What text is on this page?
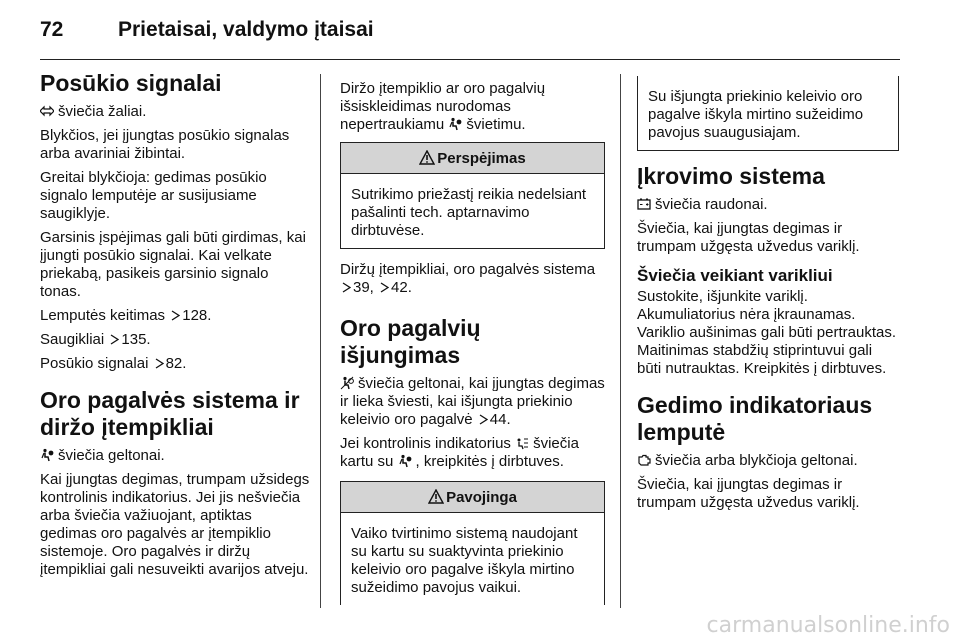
72	Prietaisai, valdymo įtaisai
Posūkio signalai

šviečia žaliai.

Blykčios, jei įjungtas posūkio signalas arba avariniai žibintai.

Greitai blykčioja: gedimas posūkio signalo lemputėje ar susijusiame saugiklyje.

Garsinis įspėjimas gali būti girdimas, kai įjungti posūkio signalai. Kai velkate priekabą, pasikeis garsinio signalo tonas.

Lemputės keitimas 128.

Saugikliai 135.

Posūkio signalai 82.

Oro pagalvės sistema ir diržo įtempikliai

šviečia geltonai.

Kai įjungtas degimas, trumpam užsidegs kontrolinis indikatorius. Jei jis nešviečia arba šviečia važiuojant, aptiktas gedimas oro pagalvės ar įtempiklio sistemoje. Oro pagalvės ir diržų įtempikliai gali nesuveikti avarijos atveju.

Diržo įtempiklio ar oro pagalvių išsiskleidimas nurodomas nepertraukiamu švietimu.

Perspėjimas
Sutrikimo priežastį reikia nedelsiant pašalinti tech. aptarnavimo dirbtuvėse.

Diržų įtempikliai, oro pagalvės sistema
39, 42.

Oro pagalvių išjungimas

šviečia geltonai, kai įjungtas degimas ir lieka šviesti, kai išjungta priekinio keleivio oro pagalvė 44.

Jei kontrolinis indikatorius šviečia kartu su , kreipkitės į dirbtuves.

Pavojinga
Vaiko tvirtinimo sistemą naudojant su kartu su suaktyvinta priekinio keleivio oro pagalve iškyla mirtino sužeidimo pavojus vaikui.
Su išjungta priekinio keleivio oro pagalve iškyla mirtino sužeidimo pavojus suaugusiajam.
Įkrovimo sistema

šviečia raudonai.

Šviečia, kai įjungtas degimas ir trumpam užgęsta užvedus variklį.

Šviečia veikiant varikliui

Sustokite, išjunkite variklį. Akumuliatorius nėra įkraunamas. Variklio aušinimas gali būti pertrauktas. Maitinimas stabdžių stiprintuvui gali būti nutrauktas. Kreipkitės į dirbtuves.

Gedimo indikatoriaus lemputė

šviečia arba blykčioja geltonai.

Šviečia, kai įjungtas degimas ir trumpam užgęsta užvedus variklį.

carmanualsonline.info
